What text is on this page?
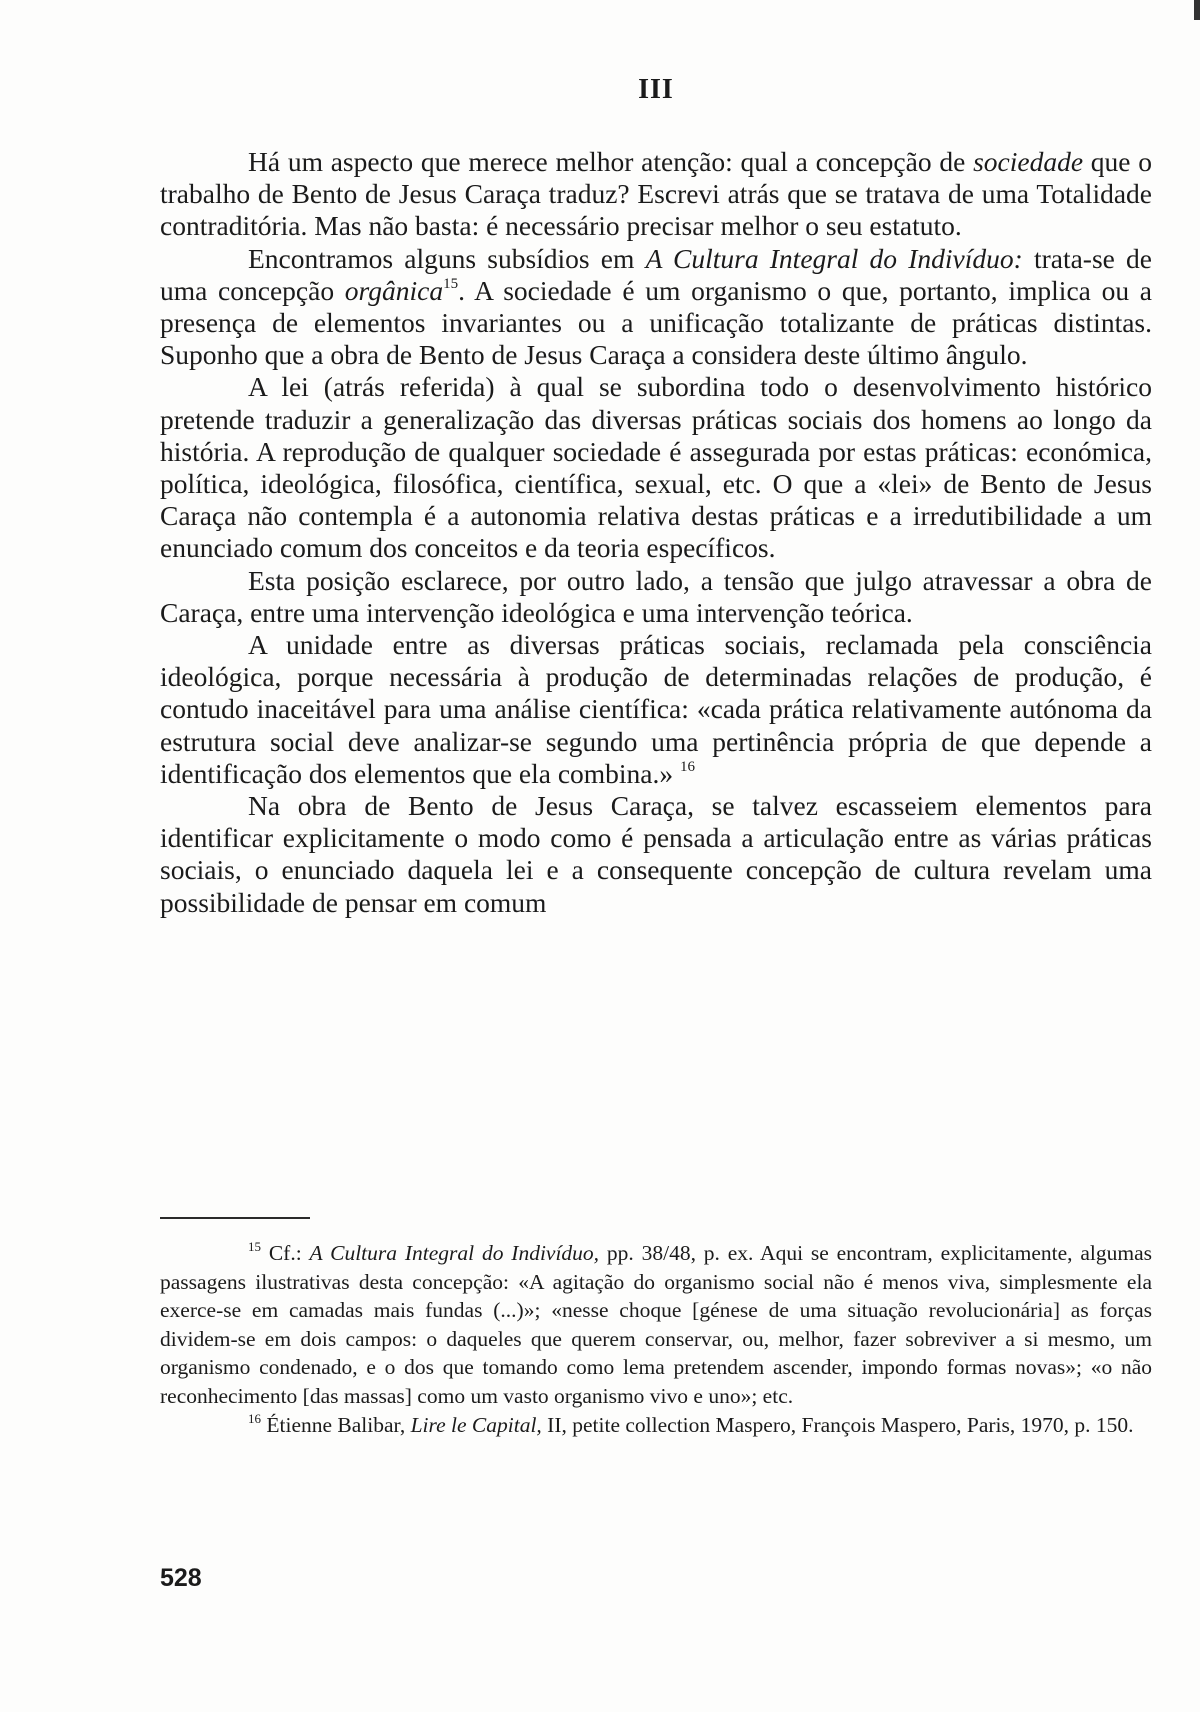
III

Há um aspecto que merece melhor atenção: qual a concepção de sociedade que o trabalho de Bento de Jesus Caraça traduz? Escrevi atrás que se tratava de uma Totalidade contraditória. Mas não basta: é necessário precisar melhor o seu estatuto.

Encontramos alguns subsídios em A Cultura Integral do Indivíduo: trata-se de uma concepção orgânica$^{15}$. A sociedade é um organismo o que, portanto, implica ou a presença de elementos invariantes ou a unificação totalizante de práticas distintas. Suponho que a obra de Bento de Jesus Caraça a considera deste último ângulo.

A lei (atrás referida) à qual se subordina todo o desenvolvimento histórico pretende traduzir a generalização das diversas práticas sociais dos homens ao longo da história. A reprodução de qualquer sociedade é assegurada por estas práticas: económica, política, ideológica, filosófica, científica, sexual, etc. O que a «lei» de Bento de Jesus Caraça não contempla é a autonomia relativa destas práticas e a irredutibilidade a um enunciado comum dos conceitos e da teoria específicos.

Esta posição esclarece, por outro lado, a tensão que julgo atravessar a obra de Caraça, entre uma intervenção ideológica e uma intervenção teórica.

A unidade entre as diversas práticas sociais, reclamada pela consciência ideológica, porque necessária à produção de determinadas relações de produção, é contudo inaceitável para uma análise científica: «cada prática relativamente autónoma da estrutura social deve analizar-se segundo uma pertinência própria de que depende a identificação dos elementos que ela combina.» $^{16}$

Na obra de Bento de Jesus Caraça, se talvez escasseiem elementos para identificar explicitamente o modo como é pensada a articulação entre as várias práticas sociais, o enunciado daquela lei e a consequente concepção de cultura revelam uma possibilidade de pensar em comum

$^{15}$ Cf.: A Cultura Integral do Indivíduo, pp. 38/48, p. ex. Aqui se encontram, explicitamente, algumas passagens ilustrativas desta concepção: «A agitação do organismo social não é menos viva, simplesmente ela exerce-se em camadas mais fundas (...)»; «nesse choque [génese de uma situação revolucionária] as forças dividem-se em dois campos: o daqueles que querem conservar, ou, melhor, fazer sobreviver a si mesmo, um organismo condenado, e o dos que tomando como lema pretendem ascender, impondo formas novas»; «o não reconhecimento [das massas] como um vasto organismo vivo e uno»; etc.

$^{16}$ Étienne Balibar, Lire le Capital, II, petite collection Maspero, François Maspero, Paris, 1970, p. 150.

528
